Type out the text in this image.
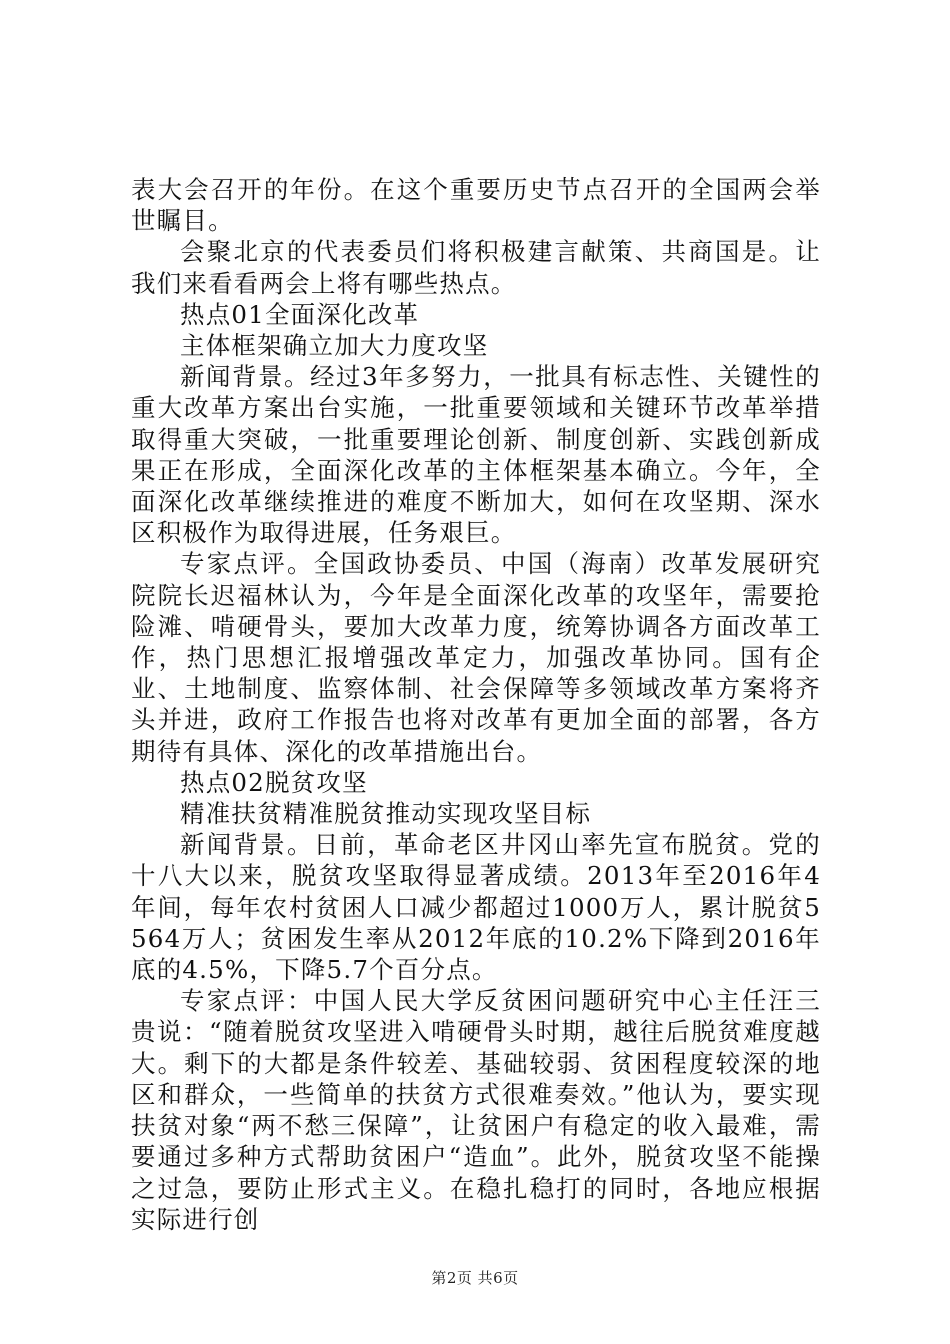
表大会召开的年份。在这个重要历史节点召开的全国两会举世瞩目。

会聚北京的代表委员们将积极建言献策、共商国是。让我们来看看两会上将有哪些热点。

热点01全面深化改革

主体框架确立加大力度攻坚

新闻背景。经过3年多努力，一批具有标志性、关键性的重大改革方案出台实施，一批重要领域和关键环节改革举措取得重大突破，一批重要理论创新、制度创新、实践创新成果正在形成，全面深化改革的主体框架基本确立。今年，全面深化改革继续推进的难度不断加大，如何在攻坚期、深水区积极作为取得进展，任务艰巨。

专家点评。全国政协委员、中国（海南）改革发展研究院院长迟福林认为，今年是全面深化改革的攻坚年，需要抢险滩、啃硬骨头，要加大改革力度，统筹协调各方面改革工作，热门思想汇报增强改革定力，加强改革协同。国有企业、土地制度、监察体制、社会保障等多领域改革方案将齐头并进，政府工作报告也将对改革有更加全面的部署，各方期待有具体、深化的改革措施出台。

热点02脱贫攻坚

精准扶贫精准脱贫推动实现攻坚目标

新闻背景。日前，革命老区井冈山率先宣布脱贫。党的十八大以来，脱贫攻坚取得显著成绩。2013年至2016年4年间，每年农村贫困人口减少都超过1000万人，累计脱贫5564万人；贫困发生率从2012年底的10.2%下降到2016年底的4.5%，下降5.7个百分点。

专家点评：中国人民大学反贫困问题研究中心主任汪三贵说：“随着脱贫攻坚进入啃硬骨头时期，越往后脱贫难度越大。剩下的大都是条件较差、基础较弱、贫困程度较深的地区和群众，一些简单的扶贫方式很难奏效。”他认为，要实现扶贫对象“两不愁三保障”，让贫困户有稳定的收入最难，需要通过多种方式帮助贫困户“造血”。此外，脱贫攻坚不能操之过急，要防止形式主义。在稳扎稳打的同时，各地应根据实际进行创

第2页 共6页
